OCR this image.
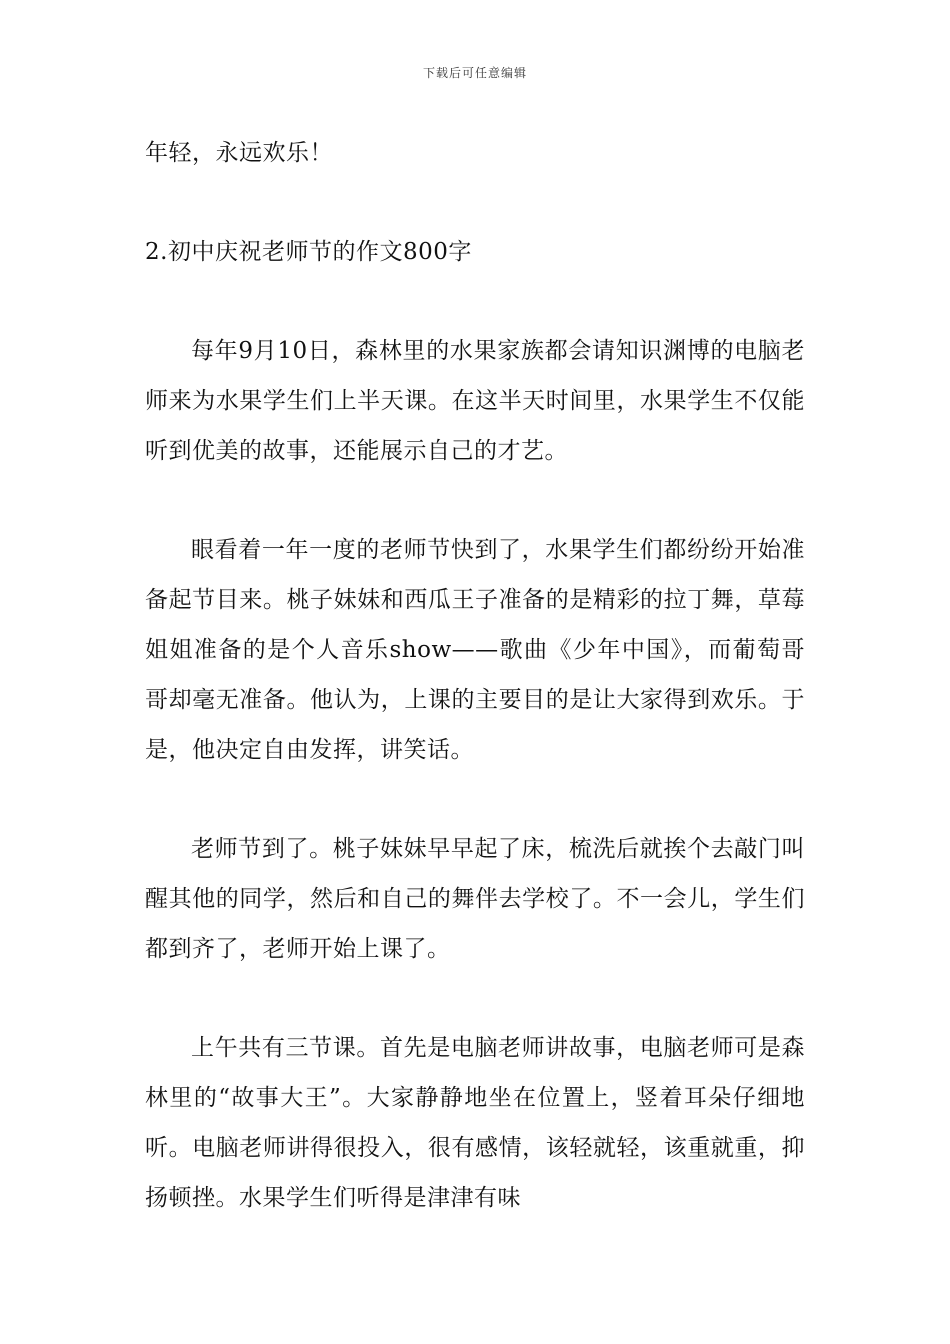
下载后可任意编辑

年轻，永远欢乐！

2.初中庆祝老师节的作文800字

每年9月10日，森林里的水果家族都会请知识渊博的电脑老师来为水果学生们上半天课。在这半天时间里，水果学生不仅能听到优美的故事，还能展示自己的才艺。

眼看着一年一度的老师节快到了，水果学生们都纷纷开始准备起节目来。桃子妹妹和西瓜王子准备的是精彩的拉丁舞，草莓姐姐准备的是个人音乐show——歌曲《少年中国》，而葡萄哥哥却毫无准备。他认为，上课的主要目的是让大家得到欢乐。于是，他决定自由发挥，讲笑话。

老师节到了。桃子妹妹早早起了床，梳洗后就挨个去敲门叫醒其他的同学，然后和自己的舞伴去学校了。不一会儿，学生们都到齐了，老师开始上课了。

上午共有三节课。首先是电脑老师讲故事，电脑老师可是森林里的“故事大王”。大家静静地坐在位置上，竖着耳朵仔细地听。电脑老师讲得很投入，很有感情，该轻就轻，该重就重，抑扬顿挫。水果学生们听得是津津有味
